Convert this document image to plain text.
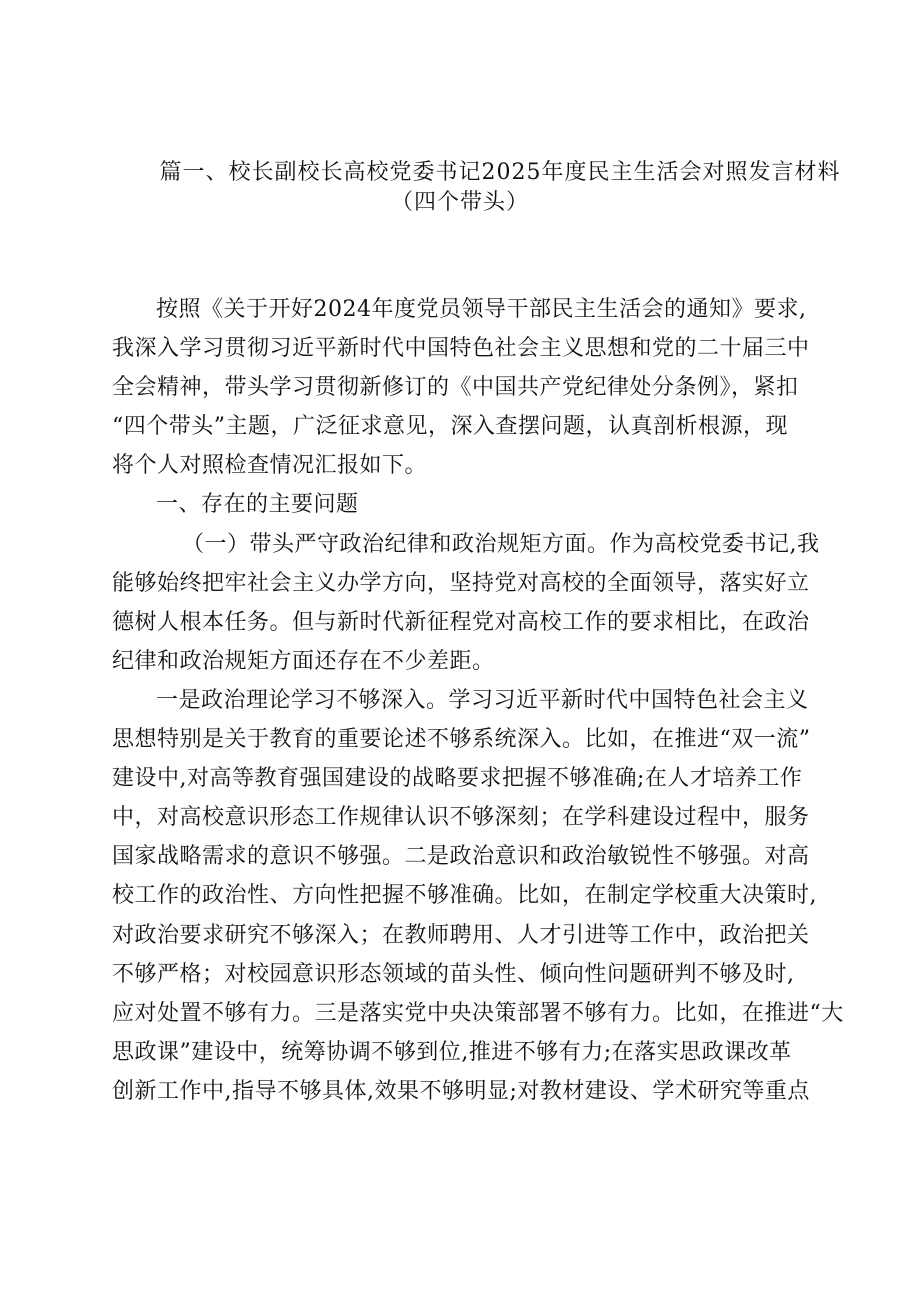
篇一、校长副校长高校党委书记2025年度民主生活会对照发言材料
（四个带头）
按照《关于开好2024年度党员领导干部民主生活会的通知》要求,
我深入学习贯彻习近平新时代中国特色社会主义思想和党的二十届三中
全会精神，带头学习贯彻新修订的《中国共产党纪律处分条例》，紧扣
“四个带头”主题，广泛征求意见，深入查摆问题，认真剖析根源，现
将个人对照检查情况汇报如下。
一、存在的主要问题
（一）带头严守政治纪律和政治规矩方面。作为高校党委书记,我
能够始终把牢社会主义办学方向，坚持党对高校的全面领导，落实好立
德树人根本任务。但与新时代新征程党对高校工作的要求相比，在政治
纪律和政治规矩方面还存在不少差距。
一是政治理论学习不够深入。学习习近平新时代中国特色社会主义
思想特别是关于教育的重要论述不够系统深入。比如，在推进“双一流”
建设中,对高等教育强国建设的战略要求把握不够准确;在人才培养工作
中，对高校意识形态工作规律认识不够深刻；在学科建设过程中，服务
国家战略需求的意识不够强。二是政治意识和政治敏锐性不够强。对高
校工作的政治性、方向性把握不够准确。比如，在制定学校重大决策时,
对政治要求研究不够深入；在教师聘用、人才引进等工作中，政治把关
不够严格；对校园意识形态领域的苗头性、倾向性问题研判不够及时,
应对处置不够有力。三是落实党中央决策部署不够有力。比如，在推进“大
思政课”建设中，统筹协调不够到位,推进不够有力;在落实思政课改革
创新工作中,指导不够具体,效果不够明显;对教材建设、学术研究等重点
